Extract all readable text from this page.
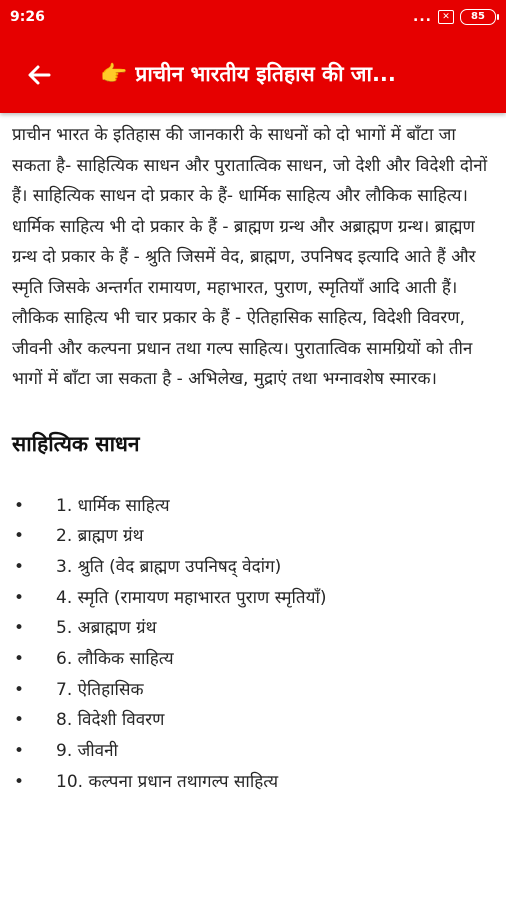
9:26	...	✕	85
👉 प्राचीन भारतीय इतिहास की जा...

प्राचीन भारत के इतिहास की जानकारी के साधनों को दो भागों में बाँटा जा सकता है- साहित्यिक साधन और पुरातात्विक साधन, जो देशी और विदेशी दोनों हैं। साहित्यिक साधन दो प्रकार के हैं- धार्मिक साहित्य और लौकिक साहित्य। धार्मिक साहित्य भी दो प्रकार के हैं - ब्राह्मण ग्रन्थ और अब्राह्मण ग्रन्थ। ब्राह्मण ग्रन्थ दो प्रकार के हैं - श्रुति जिसमें वेद, ब्राह्मण, उपनिषद इत्यादि आते हैं और स्मृति जिसके अन्तर्गत रामायण, महाभारत, पुराण, स्मृतियाँ आदि आती हैं। लौकिक साहित्य भी चार प्रकार के हैं - ऐतिहासिक साहित्य, विदेशी विवरण, जीवनी और कल्पना प्रधान तथा गल्प साहित्य। पुरातात्विक सामग्रियों को तीन भागों में बाँटा जा सकता है - अभिलेख, मुद्राएं तथा भग्नावशेष स्मारक।

साहित्यिक साधन
• 1. धार्मिक साहित्य
• 2. ब्राह्मण ग्रंथ
• 3. श्रुति (वेद ब्राह्मण उपनिषद् वेदांग)
• 4. स्मृति (रामायण महाभारत पुराण स्मृतियाँ)
• 5. अब्राह्मण ग्रंथ
• 6. लौकिक साहित्य
• 7. ऐतिहासिक
• 8. विदेशी विवरण
• 9. जीवनी
• 10. कल्पना प्रधान तथागल्प साहित्य
